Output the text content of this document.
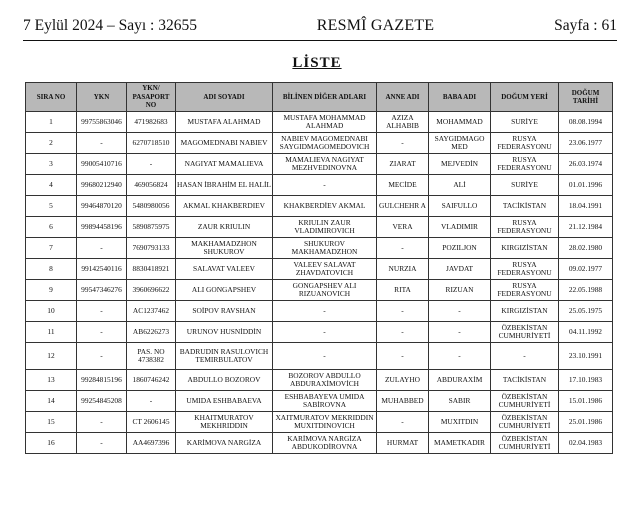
7 Eylül 2024 – Sayı : 32655	RESMÎ GAZETE	Sayfa : 61
LİSTE
SIRA NO	YKN	YKN/ PASAPORT NO	ADI SOYADI	BİLİNEN DİĞER ADLARI	ANNE ADI	BABA ADI	DOĞUM YERİ	DOĞUM TARİHİ
1	99755863046	471982683	MUSTAFA ALAHMAD	MUSTAFA MOHAMMAD ALAHMAD	AZIZA ALHABIB	MOHAMMAD	SURİYE	08.08.1994
2	-	6270718510	MAGOMEDNABI NABIEV	NABIEV MAGOMEDNABI SAYGIDMAGOMEDOVICH	-	SAYGIDMAGO MED	RUSYA FEDERASYONU	23.06.1977
3	99005410716	-	NAGIYAT MAMALIEVA	MAMALIEVA NAGIYAT MEZHVEDINOVNA	ZIARAT	MEJVEDİN	RUSYA FEDERASYONU	26.03.1974
4	99680212940	469056824	HASAN İBRAHİM EL HALİL	-	MECİDE	ALİ	SURİYE	01.01.1996
5	99464870120	5480980056	AKMAL KHAKBERDIEV	KHAKBERDİEV AKMAL	GULCHEHR A	SAIFULLO	TACİKİSTAN	18.04.1991
6	99894458196	5890875975	ZAUR KRIULIN	KRIULIN ZAUR VLADIMIROVICH	VERA	VLADIMIR	RUSYA FEDERASYONU	21.12.1984
7	-	7690793133	MAKHAMADZHON SHUKUROV	SHUKUROV MAKHAMADZHON	-	POZILJON	KIRGIZİSTAN	28.02.1980
8	99142540116	8830418921	SALAVAT VALEEV	VALEEV SALAVAT ZHAVDATOVICH	NURZIA	JAVDAT	RUSYA FEDERASYONU	09.02.1977
9	99547346276	3960696622	ALI GONGAPSHEV	GONGAPSHEV ALI RIZUANOVICH	RITA	RIZUAN	RUSYA FEDERASYONU	22.05.1988
10	-	AC1237462	SOİPOV RAVSHAN	-	-	-	KIRGIZİSTAN	25.05.1975
11	-	AB6226273	URUNOV HUSNİDDİN	-	-	-	ÖZBEKİSTAN CUMHURİYETİ	04.11.1992
12	-	PAS. NO 4738382	BADRUDIN RASULOVICH TEMIRBULATOV	-	-	-	-	23.10.1991
13	99284815196	1860746242	ABDULLO BOZOROV	BOZOROV ABDULLO ABDURAXİMOVİCH	ZULAYHO	ABDURAXİM	TACİKİSTAN	17.10.1983
14	99254845208	-	UMIDA ESHBABAEVA	ESHBABAYEVA UMIDA SABİROVNA	MUHABBED	SABIR	ÖZBEKİSTAN CUMHURİYETİ	15.01.1986
15	-	CT 2606145	KHAITMURATOV MEKHRIDDIN	XAITMURATOV MEKRIDDIN MUXITDINOVICH	-	MUXITDIN	ÖZBEKİSTAN CUMHURİYETİ	25.01.1986
16	-	AA4697396	KARİMOVA NARGİZA	KARİMOVA NARGİZA ABDUKODİROVNA	HURMAT	MAMETKADIR	ÖZBEKİSTAN CUMHURİYETİ	02.04.1983
